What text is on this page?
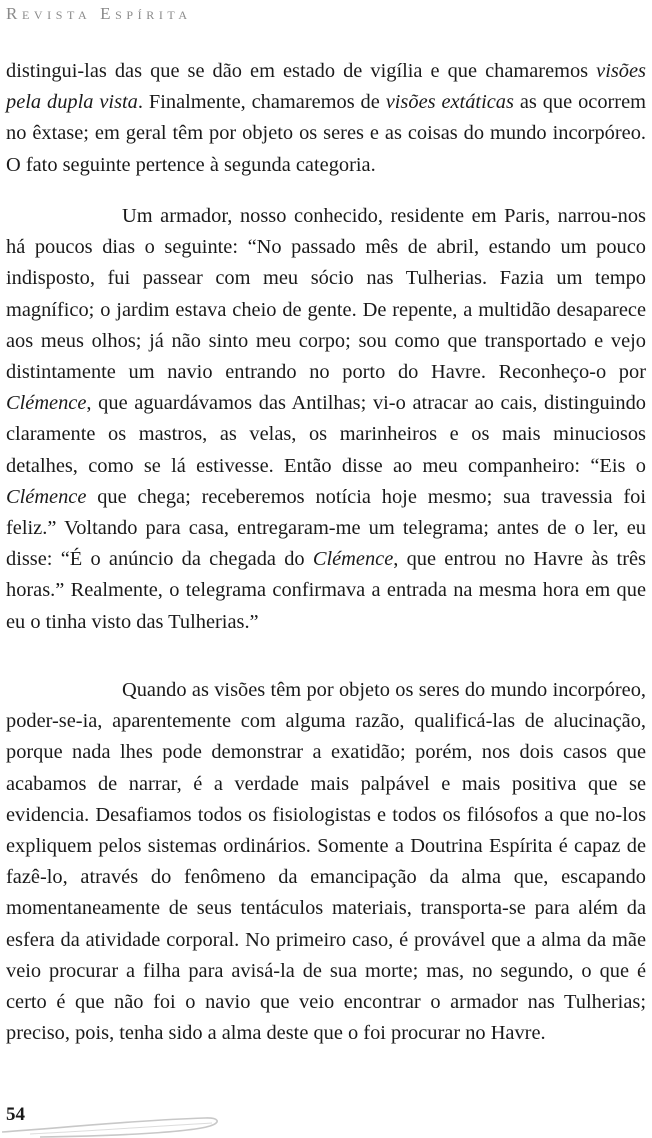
Revista Espírita

distingui-las das que se dão em estado de vigília e que chamaremos visões pela dupla vista. Finalmente, chamaremos de visões extáticas as que ocorrem no êxtase; em geral têm por objeto os seres e as coisas do mundo incorpóreo. O fato seguinte pertence à segunda categoria.

Um armador, nosso conhecido, residente em Paris, narrou-nos há poucos dias o seguinte: “No passado mês de abril, estando um pouco indisposto, fui passear com meu sócio nas Tulherias. Fazia um tempo magnífico; o jardim estava cheio de gente. De repente, a multidão desaparece aos meus olhos; já não sinto meu corpo; sou como que transportado e vejo distintamente um navio entrando no porto do Havre. Reconheço-o por Clémence, que aguardávamos das Antilhas; vi-o atracar ao cais, distinguindo claramente os mastros, as velas, os marinheiros e os mais minuciosos detalhes, como se lá estivesse. Então disse ao meu companheiro: “Eis o Clémence que chega; receberemos notícia hoje mesmo; sua travessia foi feliz.” Voltando para casa, entregaram-me um telegrama; antes de o ler, eu disse: “É o anúncio da chegada do Clémence, que entrou no Havre às três horas.” Realmente, o telegrama confirmava a entrada na mesma hora em que eu o tinha visto das Tulherias.”

Quando as visões têm por objeto os seres do mundo incorpóreo, poder-se-ia, aparentemente com alguma razão, qualificá-las de alucinação, porque nada lhes pode demonstrar a exatidão; porém, nos dois casos que acabamos de narrar, é a verdade mais palpável e mais positiva que se evidencia. Desafiamos todos os fisiologistas e todos os filósofos a que no-los expliquem pelos sistemas ordinários. Somente a Doutrina Espírita é capaz de fazê-lo, através do fenômeno da emancipação da alma que, escapando momentaneamente de seus tentáculos materiais, transporta-se para além da esfera da atividade corporal. No primeiro caso, é provável que a alma da mãe veio procurar a filha para avisá-la de sua morte; mas, no segundo, o que é certo é que não foi o navio que veio encontrar o armador nas Tulherias; preciso, pois, tenha sido a alma deste que o foi procurar no Havre.

54
